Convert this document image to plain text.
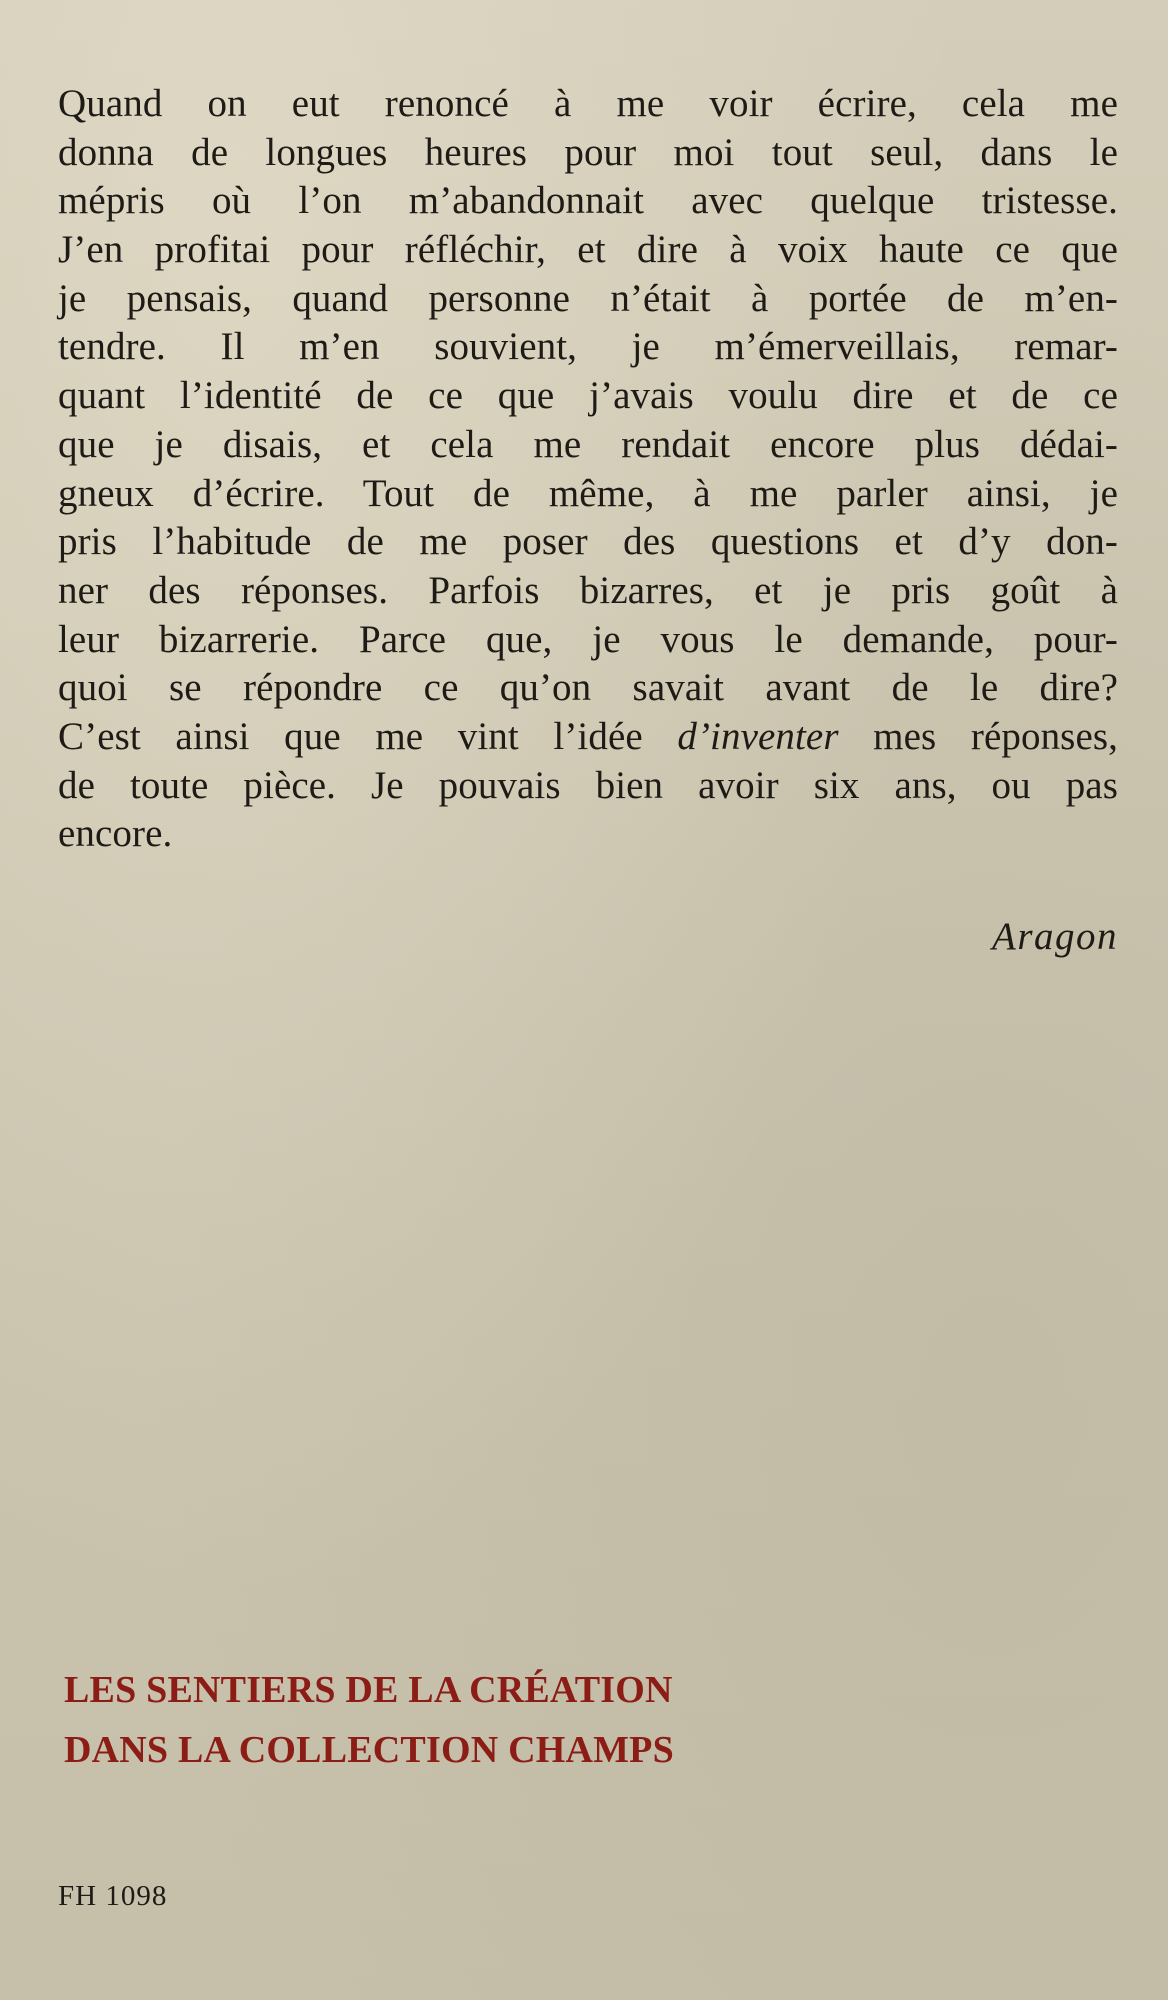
Quand on eut renoncé à me voir écrire, cela me
donna de longues heures pour moi tout seul, dans le
mépris où l’on m’abandonnait avec quelque tristesse.
J’en profitai pour réfléchir, et dire à voix haute ce que
je pensais, quand personne n’était à portée de m’en-
tendre. Il m’en souvient, je m’émerveillais, remar-
quant l’identité de ce que j’avais voulu dire et de ce
que je disais, et cela me rendait encore plus dédai-
gneux d’écrire. Tout de même, à me parler ainsi, je
pris l’habitude de me poser des questions et d’y don-
ner des réponses. Parfois bizarres, et je pris goût à
leur bizarrerie. Parce que, je vous le demande, pour-
quoi se répondre ce qu’on savait avant de le dire?
C’est ainsi que me vint l’idée d’inventer mes réponses,
de toute pièce. Je pouvais bien avoir six ans, ou pas
encore.
Aragon
LES SENTIERS DE LA CRÉATION
DANS LA COLLECTION CHAMPS
FH 1098
